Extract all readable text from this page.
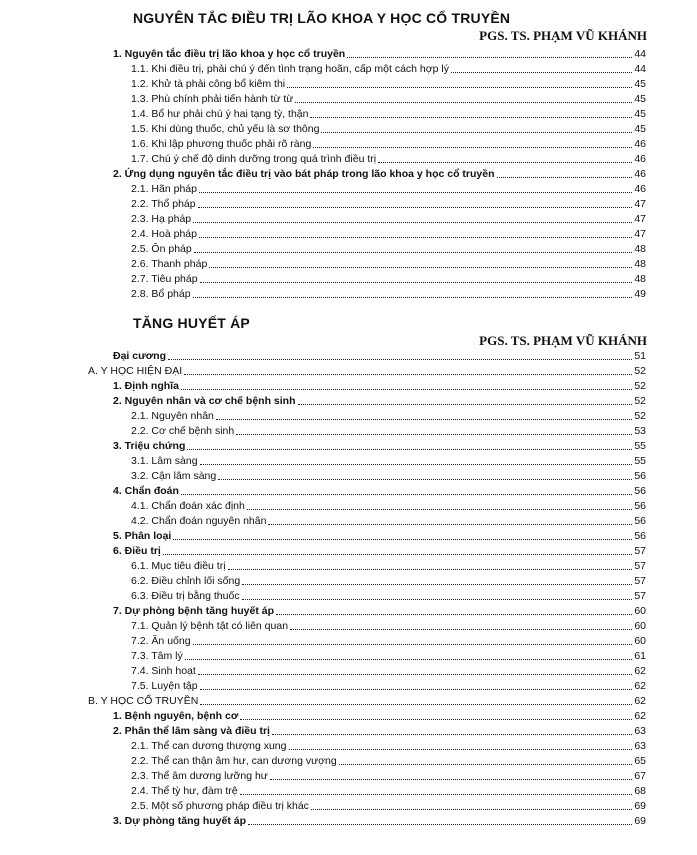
NGUYÊN TẮC ĐIỀU TRỊ LÃO KHOA Y HỌC CỔ TRUYỀN
PGS. TS. PHẠM VŨ KHÁNH
1. Nguyên tắc điều trị lão khoa y học cổ truyền	44
1.1. Khi điều trị, phải chú ý đến tình trạng hoãn, cấp một cách hợp lý	44
1.2. Khử tà phải công bổ kiêm thi	45
1.3. Phù chính phải tiến hành từ từ	45
1.4. Bổ hư phải chú ý hai tạng tỳ, thận	45
1.5. Khi dùng thuốc, chủ yếu là sơ thông	45
1.6. Khi lập phương thuốc phải rõ ràng	46
1.7. Chú ý chế độ dinh dưỡng trong quá trình điều trị	46
2. Ứng dụng nguyên tắc điều trị vào bát pháp trong lão khoa y học cổ truyền	46
2.1. Hãn pháp	46
2.2. Thổ pháp	47
2.3. Hạ pháp	47
2.4. Hoà pháp	47
2.5. Ôn pháp	48
2.6. Thanh pháp	48
2.7. Tiêu pháp	48
2.8. Bổ pháp	49
TĂNG HUYẾT ÁP
PGS. TS. PHẠM VŨ KHÁNH
Đại cương	51
A. Y HỌC HIỆN ĐẠI	52
1. Định nghĩa	52
2. Nguyên nhân và cơ chế bệnh sinh	52
2.1. Nguyên nhân	52
2.2. Cơ chế bệnh sinh	53
3. Triệu chứng	55
3.1. Lâm sàng	55
3.2. Cận lâm sàng	56
4. Chẩn đoán	56
4.1. Chẩn đoán xác định	56
4.2. Chẩn đoán nguyên nhân	56
5. Phân loại	56
6. Điều trị	57
6.1. Mục tiêu điều trị	57
6.2. Điều chỉnh lối sống	57
6.3. Điều trị bằng thuốc	57
7. Dự phòng bệnh tăng huyết áp	60
7.1. Quản lý bệnh tật có liên quan	60
7.2. Ăn uống	60
7.3. Tâm lý	61
7.4. Sinh hoạt	62
7.5. Luyện tập	62
B. Y HỌC CỔ TRUYỀN	62
1. Bệnh nguyên, bệnh cơ	62
2. Phân thể lâm sàng và điều trị	63
2.1. Thể can dương thượng xung	63
2.2. Thể can thận âm hư, can dương vượng	65
2.3. Thể âm dương lưỡng hư	67
2.4. Thể tỳ hư, đàm trệ	68
2.5. Một số phương pháp điều trị khác	69
3. Dự phòng tăng huyết áp	69
